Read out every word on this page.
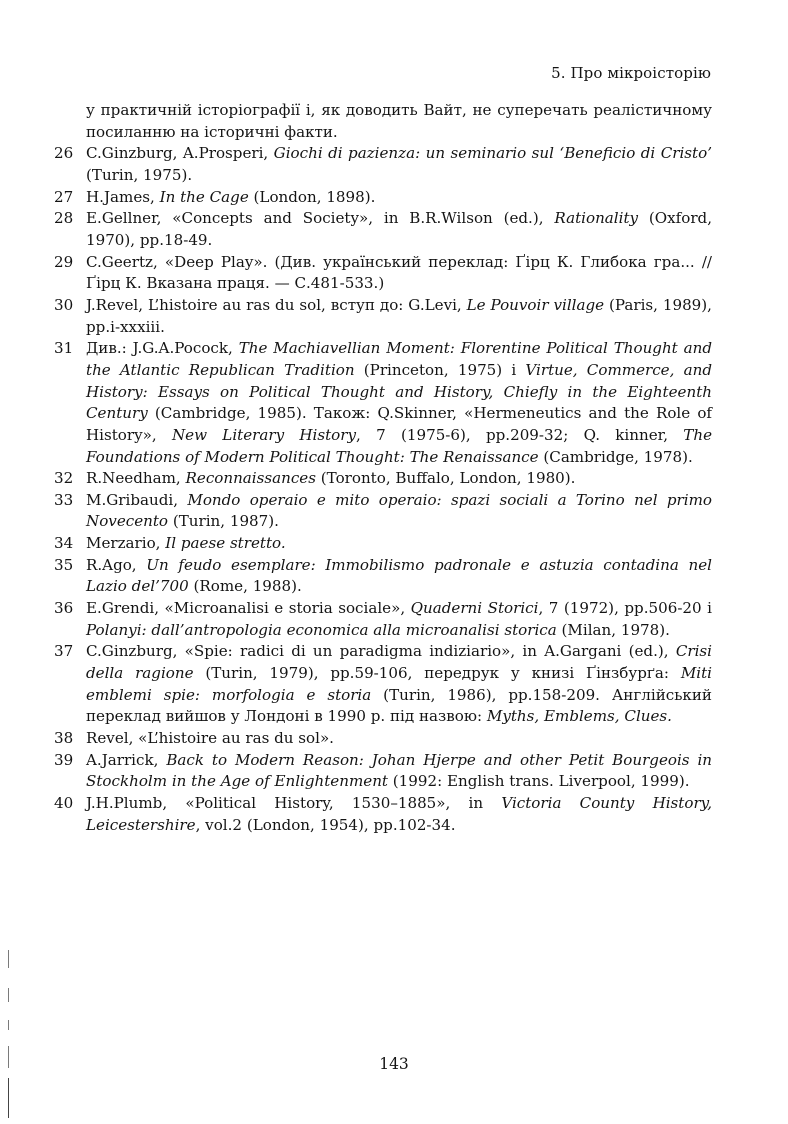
5. Про мікроісторію
у практичній історіографії і, як доводить Вайт, не суперечать реалістичному посиланню на історичні факти.
26 C.Ginzburg, A.Prosperi, Giochi di pazienza: un seminario sul ‘Beneficio di Cristo’ (Turin, 1975).
27 H.James, In the Cage (London, 1898).
28 E.Gellner, «Concepts and Society», in B.R.Wilson (ed.), Rationality (Oxford, 1970), pp.18-49.
29 C.Geertz, «Deep Play». (Див. український переклад: Ґірц К. Глибока гра... // Ґірц К. Вказана праця. — С.481-533.)
30 J.Revel, L’histoire au ras du sol, вступ до: G.Levi, Le Pouvoir village (Paris, 1989), pp.i-xxxiii.
31 Див.: J.G.A.Pocock, The Machiavellian Moment: Florentine Political Thought and the Atlantic Republican Tradition (Princeton, 1975) і Virtue, Commerce, and History: Essays on Political Thought and History, Chiefly in the Eighteenth Century (Cambridge, 1985). Також: Q.Skinner, «Hermeneutics and the Role of History», New Literary History, 7 (1975-6), pp.209-32; Q. kinner, The Foundations of Modern Political Thought: The Renaissance (Cambridge, 1978).
32 R.Needham, Reconnaissances (Toronto, Buffalo, London, 1980).
33 M.Gribaudi, Mondo operaio e mito operaio: spazi sociali a Torino nel primo Novecento (Turin, 1987).
34 Merzario, Il paese stretto.
35 R.Ago, Un feudo esemplare: Immobilismo padronale e astuzia contadina nel Lazio del’700 (Rome, 1988).
36 E.Grendi, «Microanalisi e storia sociale», Quaderni Storici, 7 (1972), pp.506-20 і Polanyi: dall’antropologia economica alla microanalisi storica (Milan, 1978).
37 C.Ginzburg, «Spie: radici di un paradigma indiziario», in A.Gargani (ed.), Crisi della ragione (Turin, 1979), pp.59-106, передрук у книзі Ґінзбурґа: Miti emblemi spie: morfologia e storia (Turin, 1986), pp.158-209. Англійський переклад вийшов у Лондоні в 1990 р. під назвою: Myths, Emblems, Clues.
38 Revel, «L’histoire au ras du sol».
39 A.Jarrick, Back to Modern Reason: Johan Hjerpe and other Petit Bourgeois in Stockholm in the Age of Enlightenment (1992: English trans. Liverpool, 1999).
40 J.H.Plumb, «Political History, 1530–1885», in Victoria County History, Leicestershire, vol.2 (London, 1954), pp.102-34.
143
